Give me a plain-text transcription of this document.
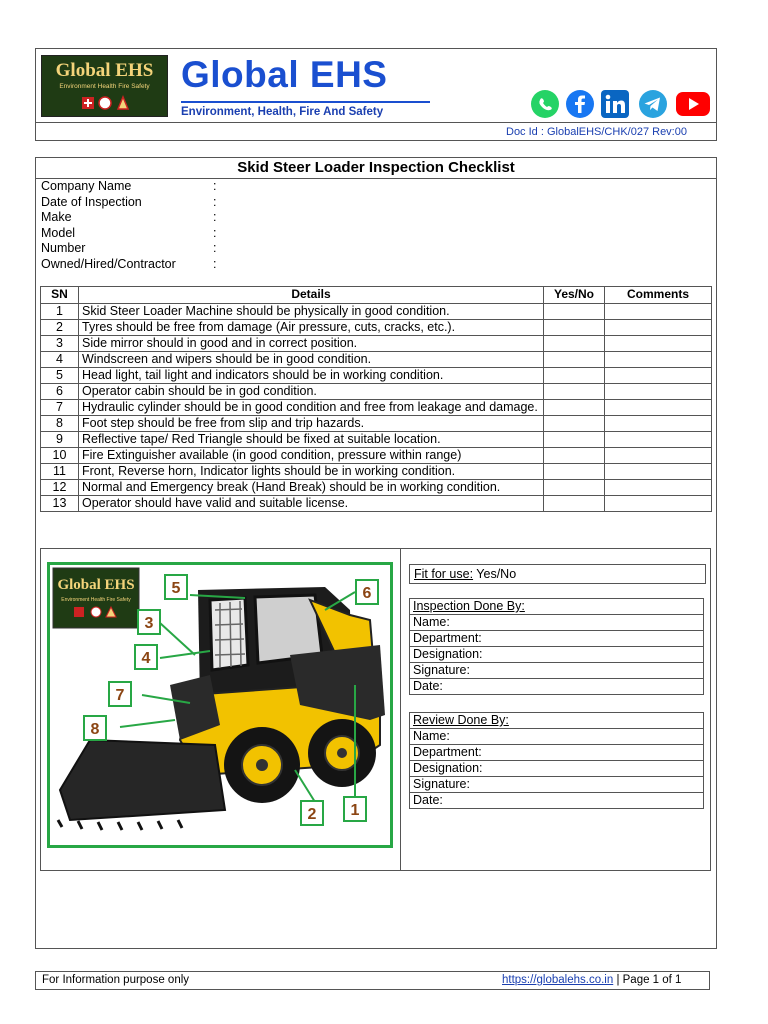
Global EHS
Environment Health Fire Safety Global EHS
Environment, Health, Fire And Safety
Doc Id : GlobalEHS/CHK/027 Rev:00
Skid Steer Loader Inspection Checklist
Company Name	:
Date of Inspection	:
Make	:
Model	:
Number	:
Owned/Hired/Contractor	:
SN	Details	Yes/No	Comments
1	Skid Steer Loader Machine should be physically in good condition.		
2	Tyres should be free from damage (Air pressure, cuts, cracks, etc.).		
3	Side mirror should in good and in correct position.		
4	Windscreen and wipers should be in good condition.		
5	Head light, tail light and indicators should be in working condition.		
6	Operator cabin should be in god condition.		
7	Hydraulic cylinder should be in good condition and free from leakage and damage.		
8	Foot step should be free from slip and trip hazards.		
9	Reflective tape/ Red Triangle should be fixed at suitable location.		
10	Fire Extinguisher available (in good condition, pressure within range)		
11	Front, Reverse horn, Indicator lights should be in working condition.		
12	Normal and Emergency break (Hand Break) should be in working condition.		
13	Operator should have valid and suitable license.		
Global EHS
Environment Health Fire Safety
5	6
3
4
7
8
2 1
Fit for use: Yes/No
Inspection Done By:
Name:
Department:
Designation:
Signature:
Date:
Review Done By:
Name:
Department:
Designation:
Signature:
Date:
For Information purpose only	https://globalehs.co.in | Page 1 of 1
